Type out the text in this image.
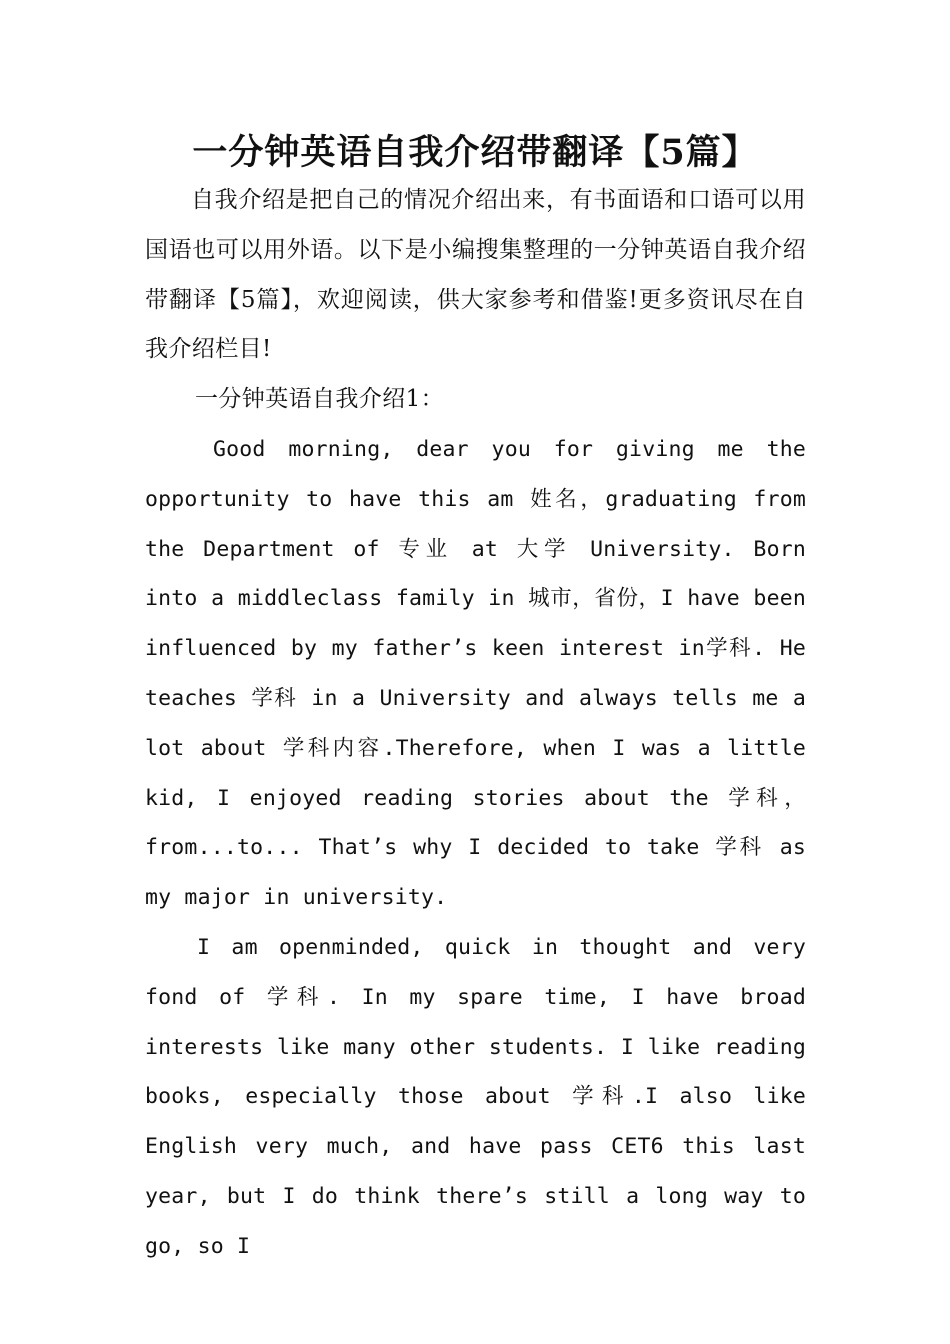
一分钟英语自我介绍带翻译【5篇】

自我介绍是把自己的情况介绍出来，有书面语和口语可以用国语也可以用外语。以下是小编搜集整理的一分钟英语自我介绍带翻译【5篇】，欢迎阅读，供大家参考和借鉴!更多资讯尽在自我介绍栏目!

一分钟英语自我介绍1：

Good morning, dear you for giving me the opportunity to have this am 姓名，graduating from the Department of 专业 at 大学 University. Born into a middleclass family in 城市，省份，I have been influenced by my father’s keen interest in学科. He teaches 学科 in a University and always tells me a lot about 学科内容.Therefore, when I was a little kid, I enjoyed reading stories about the 学科，from...to... That’s why I decided to take 学科 as my major in university.

I am openminded, quick in thought and very fond of 学科. In my spare time, I have broad interests like many other students. I like reading books, especially those about 学科.I also like English very much, and have pass CET6 this last year, but I do think there’s still a long way to go, so I
